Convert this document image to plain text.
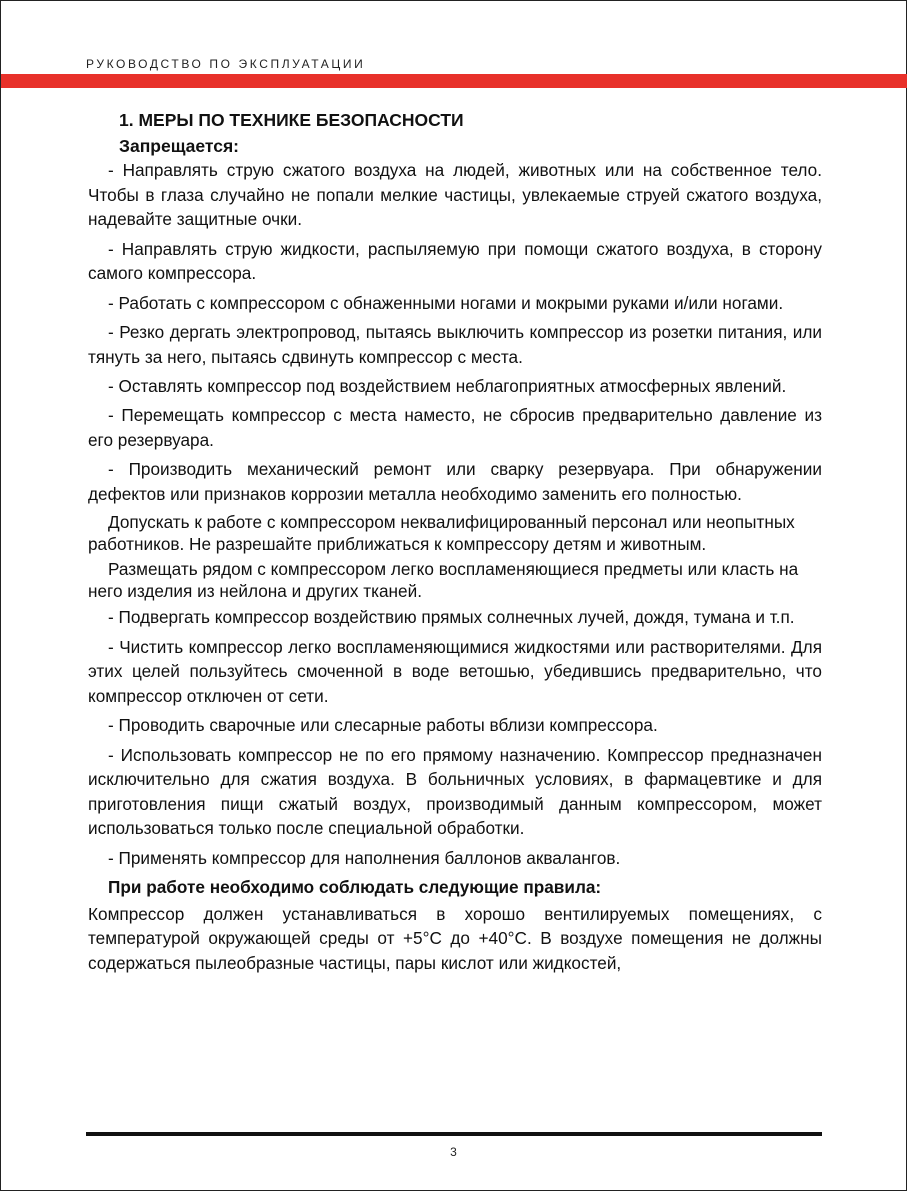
РУКОВОДСТВО ПО ЭКСПЛУАТАЦИИ
1. МЕРЫ ПО ТЕХНИКЕ БЕЗОПАСНОСТИ
Запрещается:

- Направлять струю сжатого воздуха на людей, животных или на собственное тело. Чтобы в глаза случайно не попали мелкие частицы, увлекаемые струей сжатого воздуха, надевайте защитные очки.

- Направлять струю жидкости, распыляемую при помощи сжатого воздуха, в сторону самого компрессора.

- Работать с компрессором с обнаженными ногами и мокрыми руками и/или ногами.

- Резко дергать электропровод, пытаясь выключить компрессор из розетки питания, или тянуть за него, пытаясь сдвинуть компрессор с места.

- Оставлять компрессор под воздействием неблагоприятных атмосферных явлений.

- Перемещать компрессор с места наместо, не сбросив предварительно давление из его резервуара.

- Производить механический ремонт или сварку резервуара. При обнаружении дефектов или признаков коррозии металла необходимо заменить его полностью.

Допускать к работе с компрессором неквалифицированный персонал или неопытных работников. Не разрешайте приближаться к компрессору детям и животным.

Размещать рядом с компрессором легко воспламеняющиеся предметы или класть на него изделия из нейлона и других тканей.

- Подвергать компрессор воздействию прямых солнечных лучей, дождя, тумана и т.п.

- Чистить компрессор легко воспламеняющимися жидкостями или растворителями. Для этих целей пользуйтесь смоченной в воде ветошью, убедившись предварительно, что компрессор отключен от сети.

- Проводить сварочные или слесарные работы вблизи компрессора.

- Использовать компрессор не по его прямому назначению. Компрессор предназначен исключительно для сжатия воздуха. В больничных условиях, в фармацевтике и для приготовления пищи сжатый воздух, производимый данным компрессором, может использоваться только после специальной обработки.

- Применять компрессор для наполнения баллонов аквалангов.

При работе необходимо соблюдать следующие правила:

Компрессор должен устанавливаться в хорошо вентилируемых помещениях, с температурой окружающей среды от +5°С до +40°С. В воздухе помещения не должны содержаться пылеобразные частицы, пары кислот или жидкостей,

3
